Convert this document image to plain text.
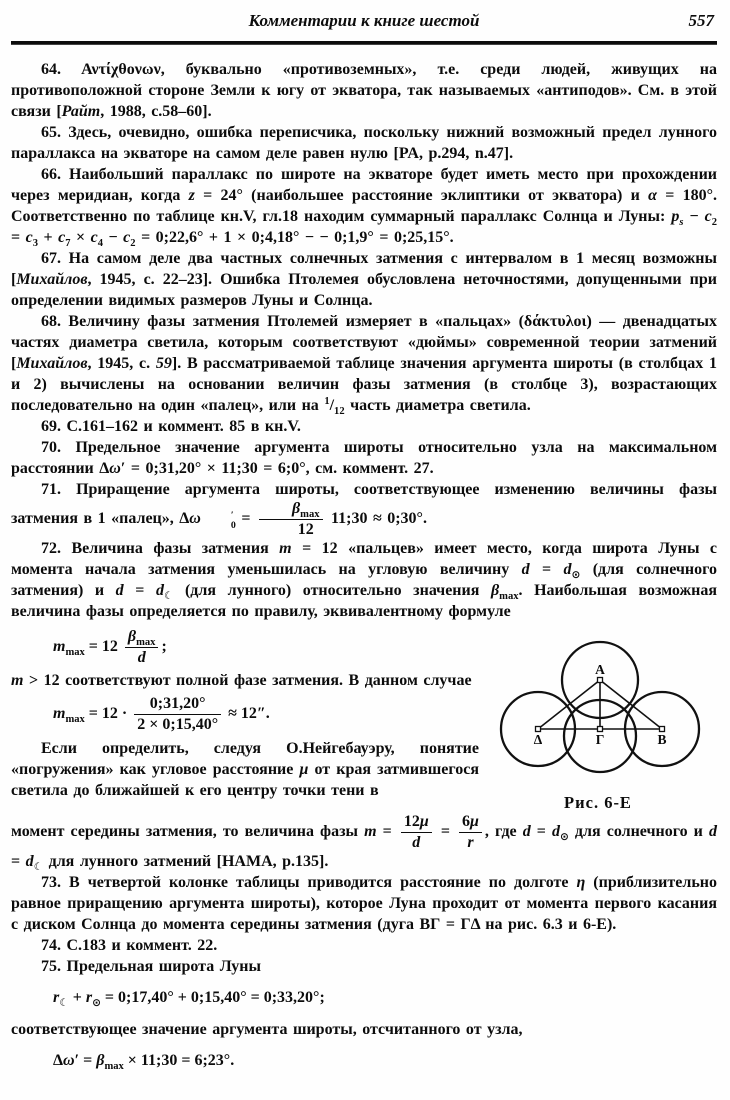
Комментарии к книге шестой	557
64. Αντίχθονων, буквально «противоземных», т.е. среди людей, живущих на противоположной стороне Земли к югу от экватора, так называемых «антиподов». См. в этой связи [Райт, 1988, с.58–60].
65. Здесь, очевидно, ошибка переписчика, поскольку нижний возможный предел лунного параллакса на экваторе на самом деле равен нулю [PA, p.294, n.47].
66. Наибольший параллакс по широте на экваторе будет иметь место при прохождении через меридиан, когда z = 24° (наибольшее расстояние эклиптики от экватора) и α = 180°. Соответственно по таблице кн.V, гл.18 находим суммарный параллакс Солнца и Луны: $p_s - c_2 = c_3 + c_7 \times c_4 - c_2$ = 0;22,6° + 1 × 0;4,18° − − 0;1,9° = 0;25,15°.
67. На самом деле два частных солнечных затмения с интервалом в 1 месяц возможны [Михайлов, 1945, с. 22–23]. Ошибка Птолемея обусловлена неточностями, допущенными при определении видимых размеров Луны и Солнца.
68. Величину фазы затмения Птолемей измеряет в «пальцах» (δάκτυλοι) — двенадцатых частях диаметра светила, которым соответствуют «дюймы» современной теории затмений [Михайлов, 1945, с. 59]. В рассматриваемой таблице значения аргумента широты (в столбцах 1 и 2) вычислены на основании величин фазы затмения (в столбце 3), возрастающих последовательно на один «палец», или на $^1/_{12}$ часть диаметра светила.
69. С.161–162 и коммент. 85 в кн.V.
70. Предельное значение аргумента широты относительно узла на максимальном расстоянии Δω′ = 0;31,20° × 11;30 = 6;0°, см. коммент. 27.
71. Приращение аргумента широты, соответствующее изменению величины фазы затмения в 1 «палец», Δω	′
$0 = \frac{\beta_{max}}{12}$ 11;30 ≈ 0;30°.
72. Величина фазы затмения m = 12 «пальцев» имеет место, когда широта Луны с момента начала затмения уменьшилась на угловую величину $d = d_⊙$ (для солнечного затмения) и $d = d_☾$ (для лунного) относительно значения $\beta_{max}$. Наибольшая возможная величина фазы определяется по правилу, эквивалентному формуле
$m_{max} = 12 \frac{\beta_{max}}{d}$ ;
m > 12 соответствуют полной фазе затмения. В данном случае
$m_{max} = 12 \cdot \frac{0;31,20^\circ}{2 \times 0;15,40^\circ} \approx 12''$.
Если определить, следуя О.Нейгебауэру, понятие «погружения» как угловое расстояние μ от края затмившегося светила до ближайшей к его центру точки тени в
А
Δ	Γ	В
Рис. 6-Е
момент середины затмения, то величина фазы $m = \frac{12\mu}{d} = \frac{6\mu}{r}$ , где $d = d_⊙$ для солнечного и $d = d_☾$ для лунного затмений [HAMA, p.135].
73. В четвертой колонке таблицы приводится расстояние по долготе η (приблизительно равное приращению аргумента широты), которое Луна проходит от момента первого касания с диском Солнца до момента середины затмения (дуга ВГ = ГΔ на рис. 6.3 и 6-Е).
74. С.183 и коммент. 22.
75. Предельная широта Луны
$r_☾ + r_⊙$ = 0;17,40° + 0;15,40° = 0;33,20°;
соответствующее значение аргумента широты, отсчитанного от узла,
$\Delta\omega' = \beta_{max}$ × 11;30 = 6;23°.
